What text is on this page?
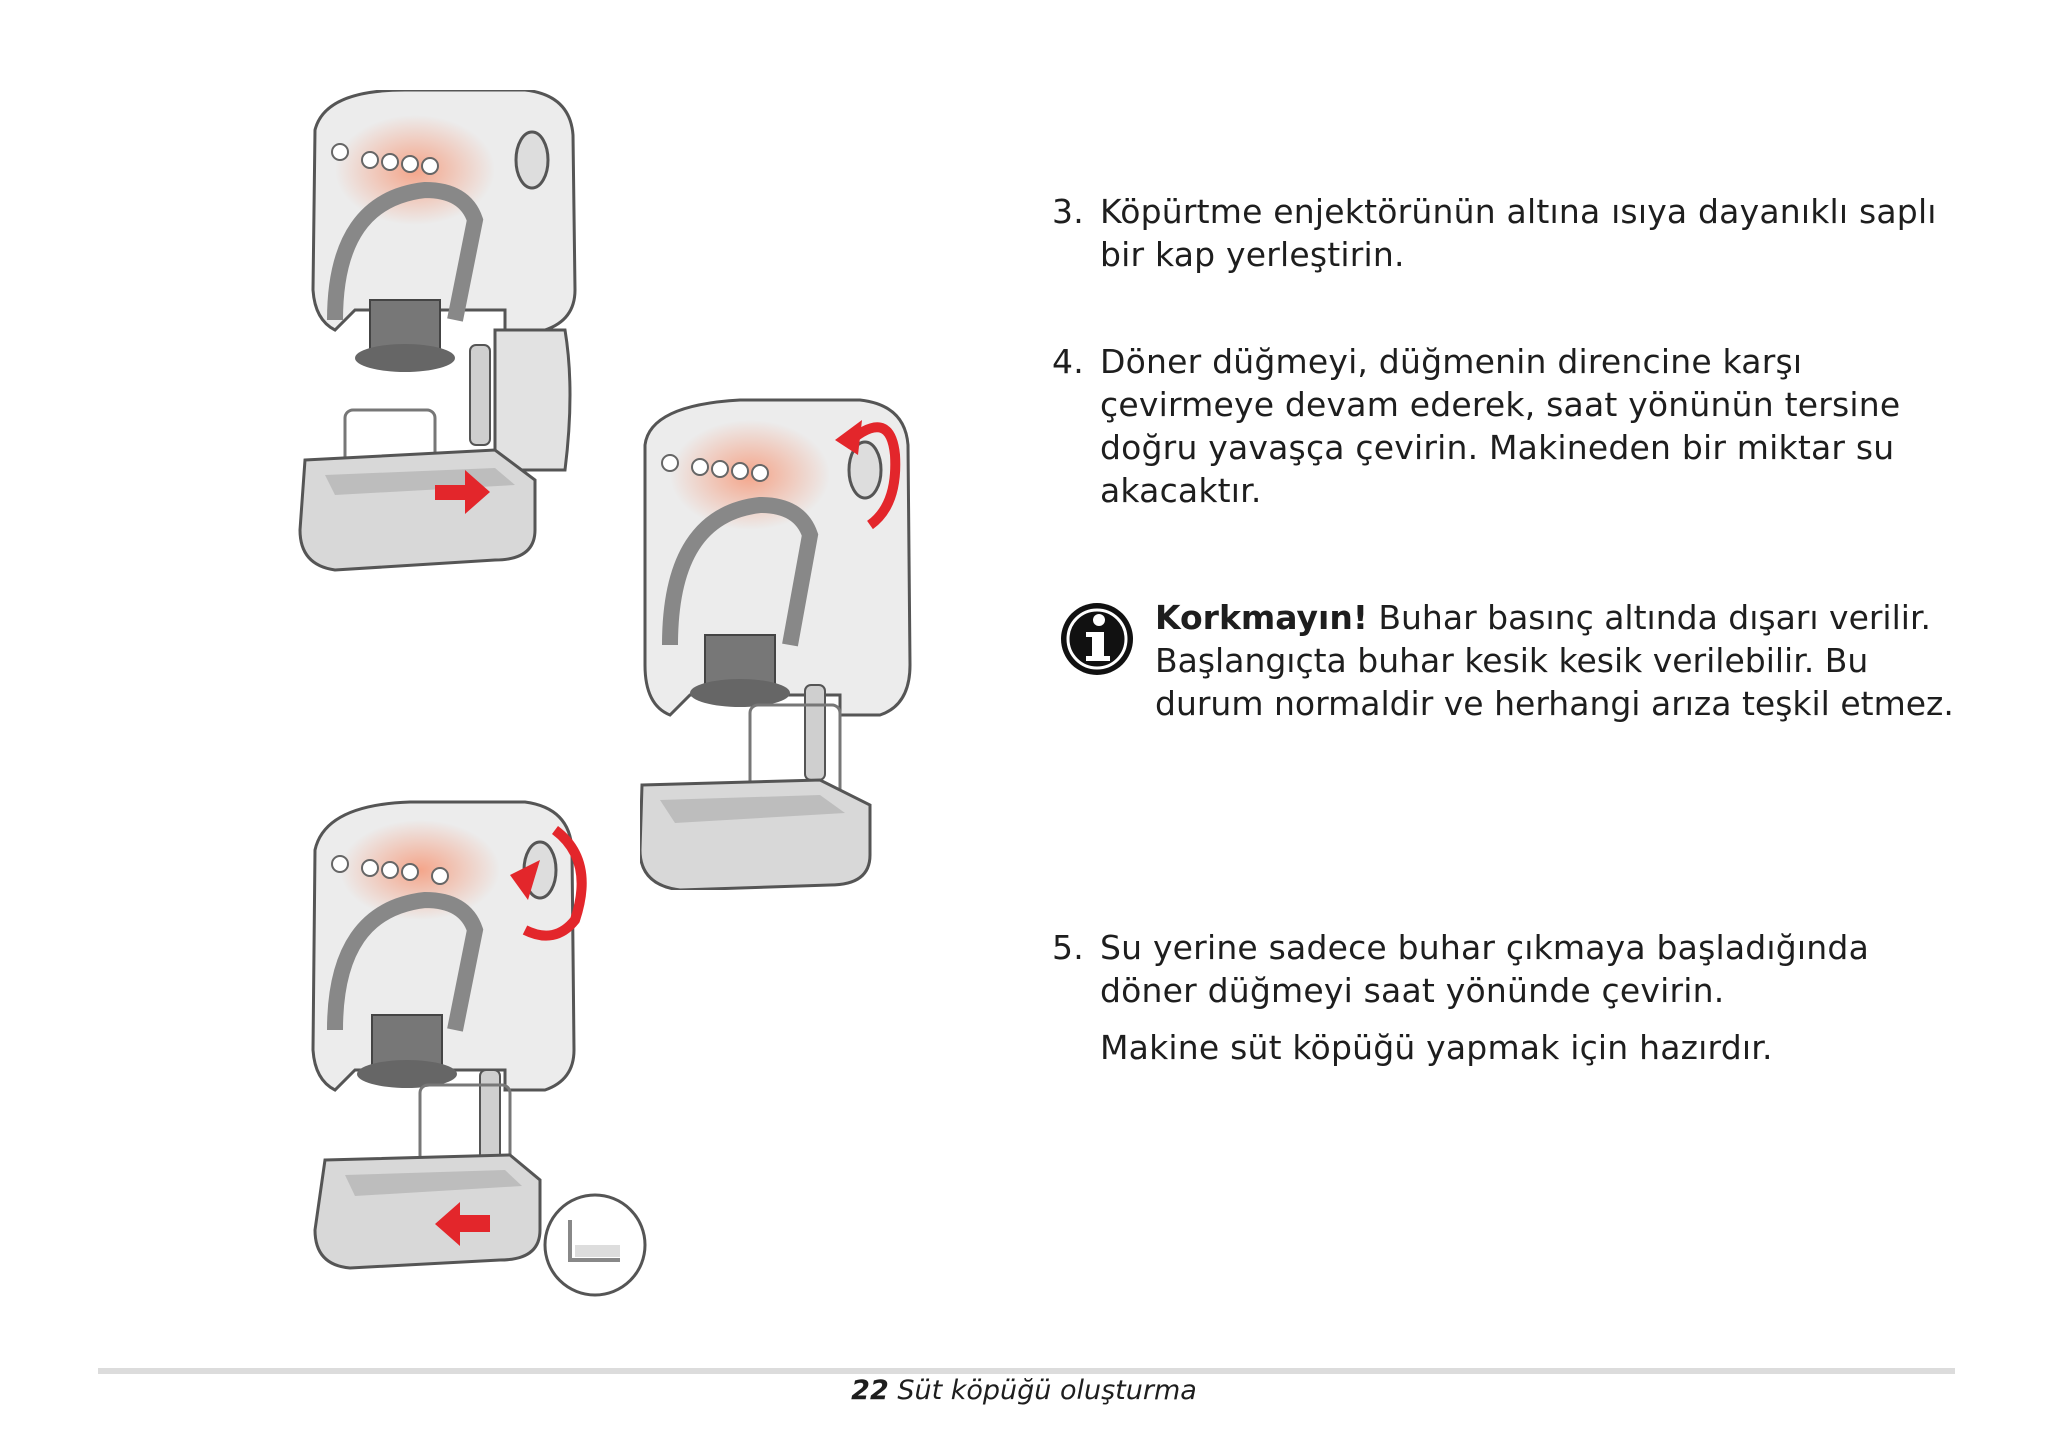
3. Köpürtme enjektörünün altına ısıya dayanıklı saplı bir kap yerleştirin.
4. Döner düğmeyi, düğmenin direncine karşı çevirmeye devam ederek, saat yönünün tersine doğru yavaşça çevirin. Makineden bir miktar su akacaktır.
Korkmayın! Buhar basınç altında dışarı verilir. Başlangıçta buhar kesik kesik verilebilir. Bu durum normaldir ve herhangi arıza teşkil etmez.
5. Su yerine sadece buhar çıkmaya başladığında döner düğmeyi saat yönünde çevirin.
Makine süt köpüğü yapmak için hazırdır.
22 Süt köpüğü oluşturma
